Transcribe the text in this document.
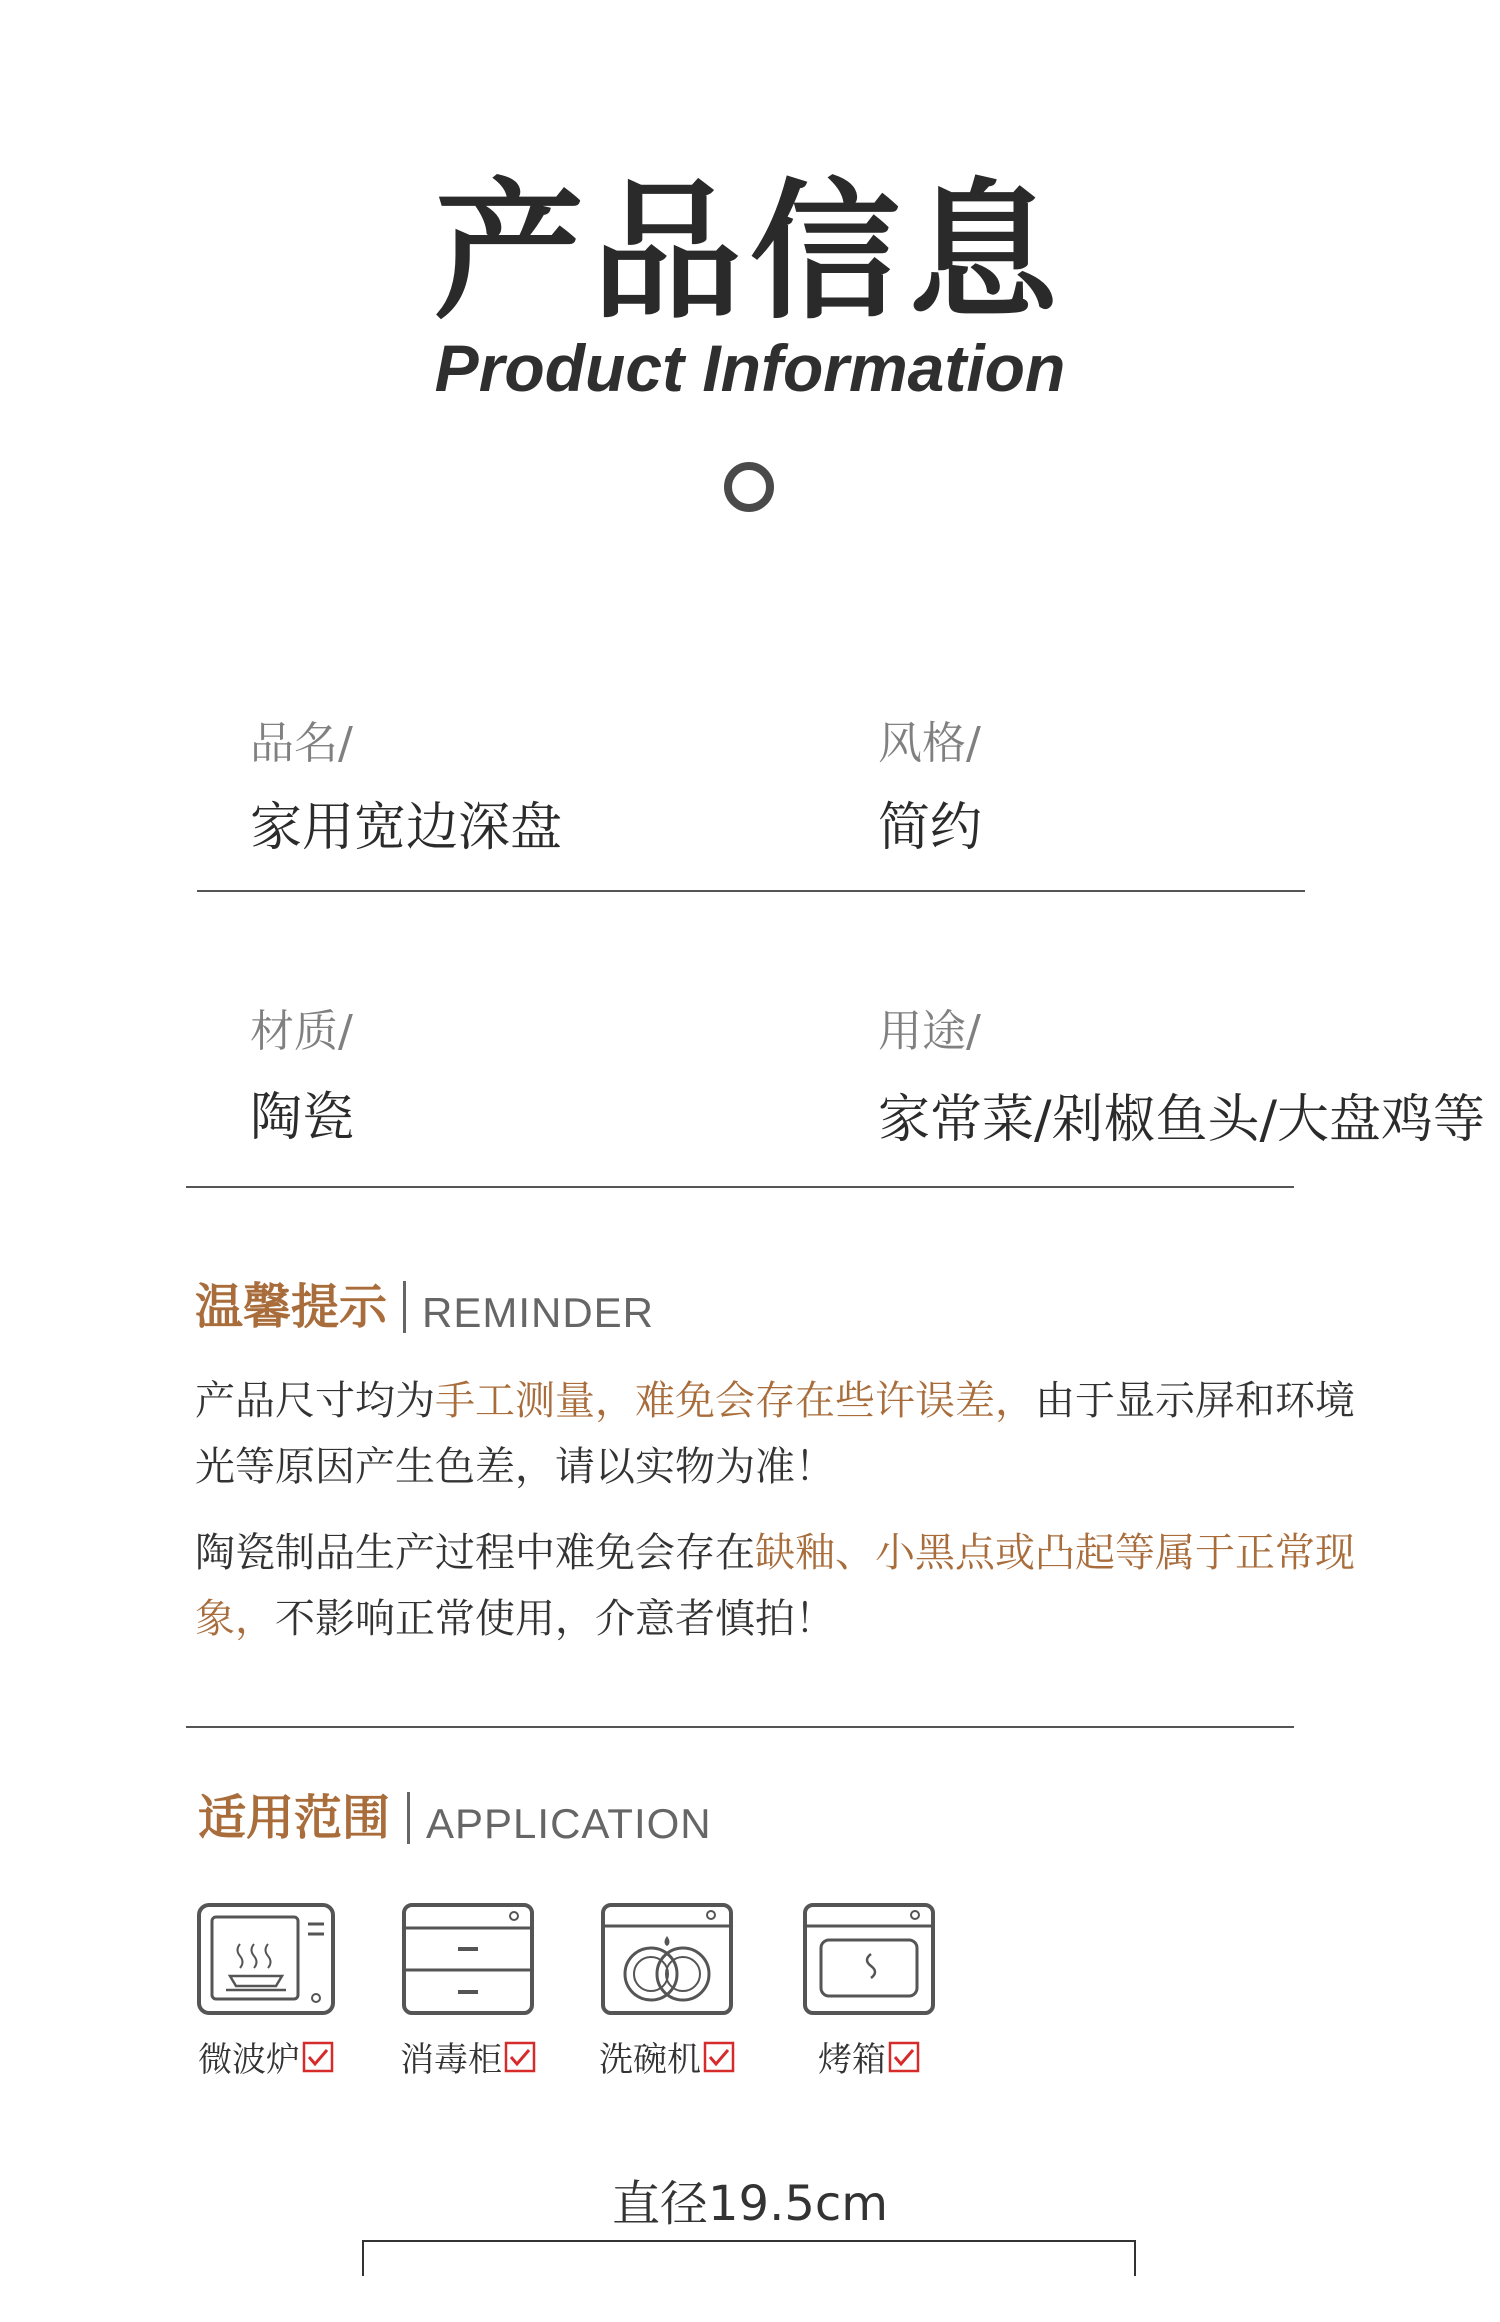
产品信息
Product Information
品名/
家用宽边深盘
风格/
简约
材质/
陶瓷
用途/
家常菜/剁椒鱼头/大盘鸡等
温馨提示 REMINDER
产品尺寸均为手工测量，难免会存在些许误差，由于显示屏和环境光等原因产生色差，请以实物为准！
陶瓷制品生产过程中难免会存在缺釉、小黑点或凸起等属于正常现象，不影响正常使用，介意者慎拍！
适用范围 APPLICATION
微波炉	消毒柜	洗碗机	烤箱
直径19.5cm
